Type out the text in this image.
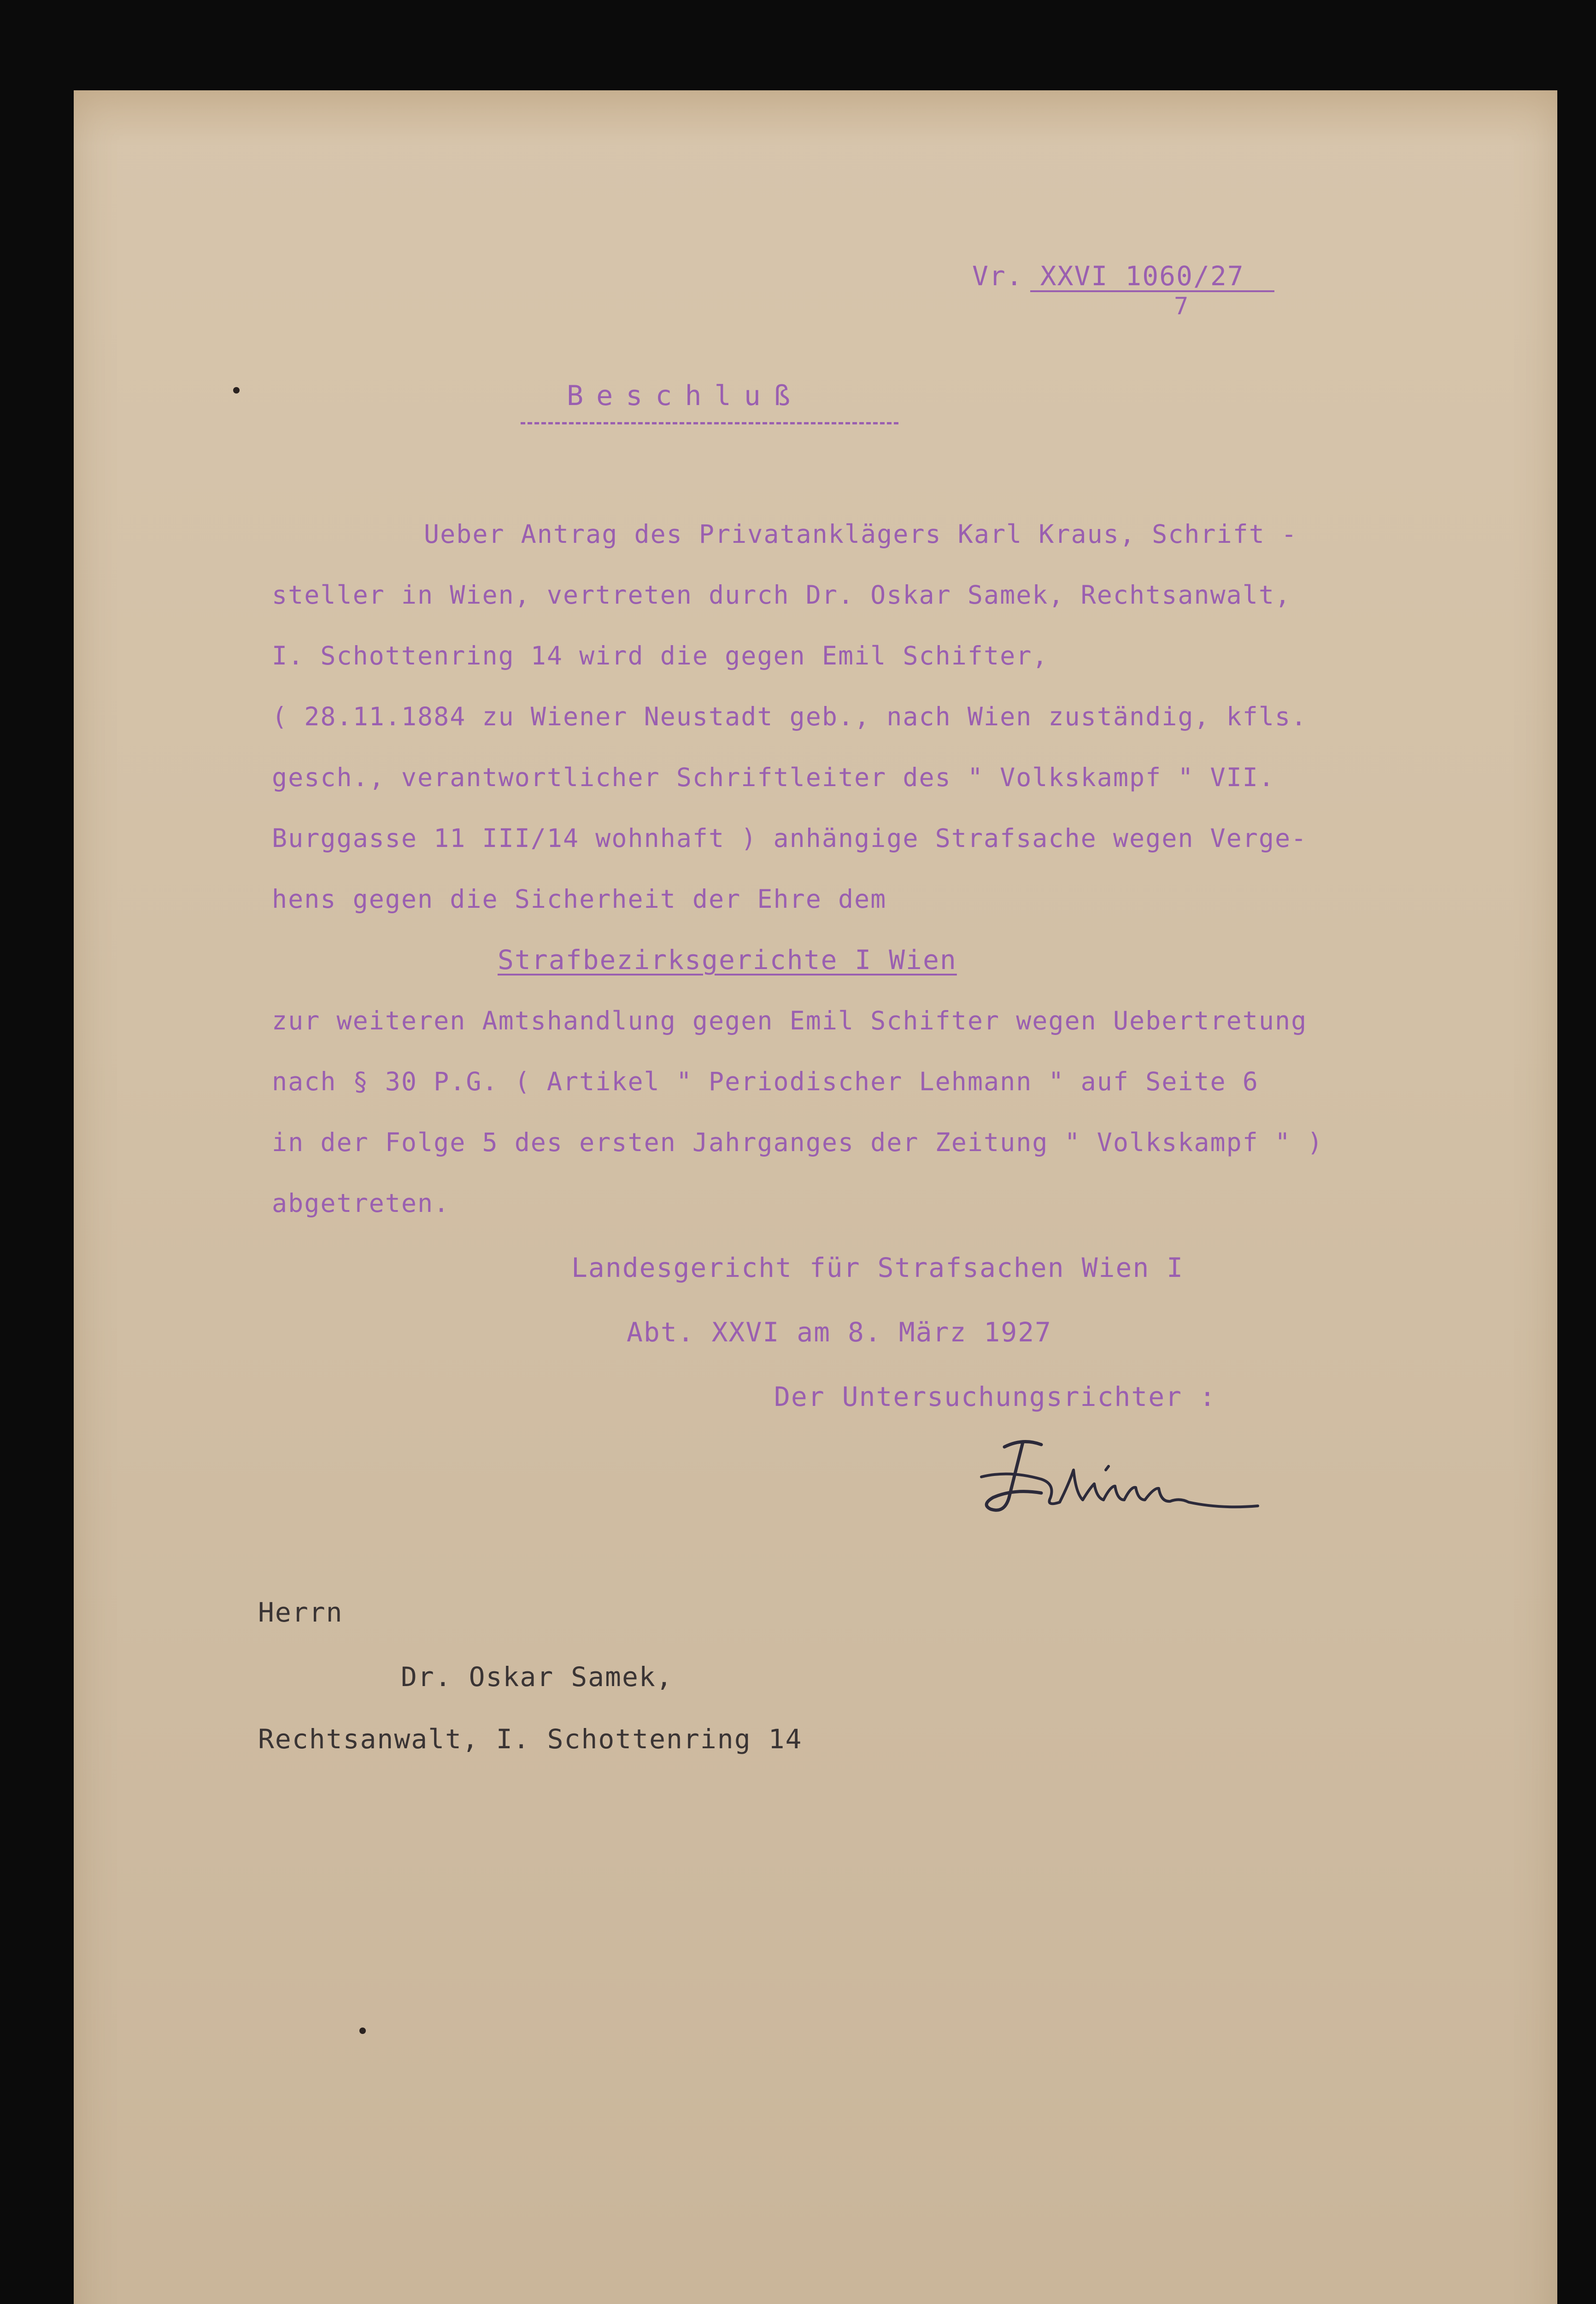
Vr. XXVI 1060/27
7
Beschluß
Ueber Antrag des Privatanklägers Karl Kraus, Schrift -
steller in Wien, vertreten durch Dr. Oskar Samek, Rechtsanwalt,
I. Schottenring 14 wird die gegen Emil Schifter,
( 28.11.1884 zu Wiener Neustadt geb., nach Wien zuständig, kfls.
gesch., verantwortlicher Schriftleiter des " Volkskampf " VII.
Burggasse 11 III/14 wohnhaft ) anhängige Strafsache wegen Verge-
hens gegen die Sicherheit der Ehre dem
Strafbezirksgerichte I Wien
zur weiteren Amtshandlung gegen Emil Schifter wegen Uebertretung
nach § 30 P.G. ( Artikel " Periodischer Lehmann " auf Seite 6
in der Folge 5 des ersten Jahrganges der Zeitung " Volkskampf " )
abgetreten.
Landesgericht für Strafsachen Wien I
Abt. XXVI am 8. März 1927
Der Untersuchungsrichter :
Herrn
Dr. Oskar Samek,
Rechtsanwalt, I. Schottenring 14
